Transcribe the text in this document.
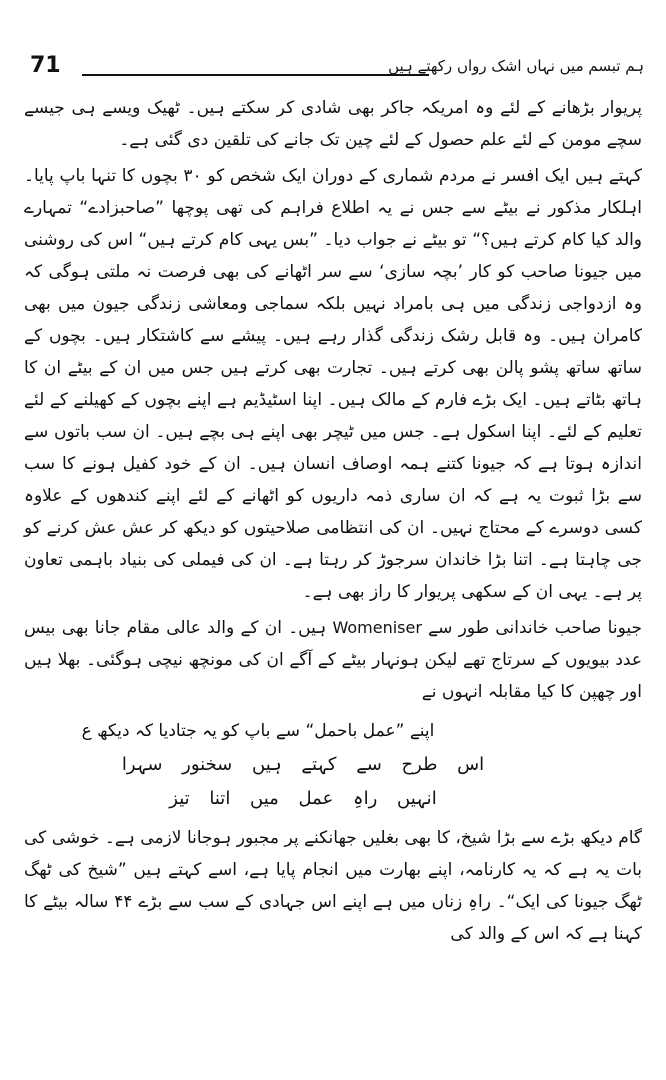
71	ہم تبسم میں نہاں اشک رواں رکھتے ہیں

پریوار بڑھانے کے لئے وہ امریکہ جاکر بھی شادی کر سکتے ہیں۔ ٹھیک ویسے ہی جیسے سچے مومن کے لئے علم حصول کے لئے چین تک جانے کی تلقین دی گئی ہے۔

کہتے ہیں ایک افسر نے مردم شماری کے دوران ایک شخص کو ۳۰ بچوں کا تنہا باپ پایا۔ اہلکار مذکور نے بیٹے سے جس نے یہ اطلاع فراہم کی تھی پوچھا ”صاحبزادے“ تمہارے والد کیا کام کرتے ہیں؟“ تو بیٹے نے جواب دیا۔ ”بس یہی کام کرتے ہیں“ اس کی روشنی میں جیونا صاحب کو کار ’بچہ سازی‘ سے سر اٹھانے کی بھی فرصت نہ ملتی ہوگی کہ وہ ازدواجی زندگی میں ہی بامراد نہیں بلکہ سماجی ومعاشی زندگی جیون میں بھی کامران ہیں۔ وہ قابل رشک زندگی گذار رہے ہیں۔ پیشے سے کاشتکار ہیں۔ بچوں کے ساتھ ساتھ پشو پالن بھی کرتے ہیں۔ تجارت بھی کرتے ہیں جس میں ان کے بیٹے ان کا ہاتھ بٹاتے ہیں۔ ایک بڑے فارم کے مالک ہیں۔ اپنا اسٹیڈیم ہے اپنے بچوں کے کھیلنے کے لئے تعلیم کے لئے۔ اپنا اسکول ہے۔ جس میں ٹیچر بھی اپنے ہی بچے ہیں۔ ان سب باتوں سے اندازہ ہوتا ہے کہ جیونا کتنے ہمہ اوصاف انسان ہیں۔ ان کے خود کفیل ہونے کا سب سے بڑا ثبوت یہ ہے کہ ان ساری ذمہ داریوں کو اٹھانے کے لئے اپنے کندھوں کے علاوہ کسی دوسرے کے محتاج نہیں۔ ان کی انتظامی صلاحیتوں کو دیکھ کر عش عش کرنے کو جی چاہتا ہے۔ اتنا بڑا خاندان سرجوڑ کر رہتا ہے۔ ان کی فیملی کی بنیاد باہمی تعاون پر ہے۔ یہی ان کے سکھی پریوار کا راز بھی ہے۔

جیونا صاحب خاندانی طور سے Womeniser ہیں۔ ان کے والد عالی مقام جانا بھی بیس عدد بیویوں کے سرتاج تھے لیکن ہونہار بیٹے کے آگے ان کی مونچھ نیچی ہوگئی۔ بھلا ہیں اور چھپن کا کیا مقابلہ انہوں نے

اپنے ”عمل باحمل“ سے باپ کو یہ جتادیا کہ دیکھ ع
اس طرح سے کہتے ہیں سخنور سہرا
انہیں راہِ عمل میں اتنا تیز

گام دیکھ بڑے سے بڑا شیخ، کا بھی بغلیں جھانکنے پر مجبور ہوجانا لازمی ہے۔ خوشی کی بات یہ ہے کہ یہ کارنامہ، اپنے بھارت میں انجام پایا ہے، اسے کہتے ہیں ”شیخ کی ٹھگ ٹھگ جیونا کی ایک“۔ راہِ زناں میں ہے اپنے اس جہادی کے سب سے بڑے ۴۴ سالہ بیٹے کا کہنا ہے کہ اس کے والد کی
